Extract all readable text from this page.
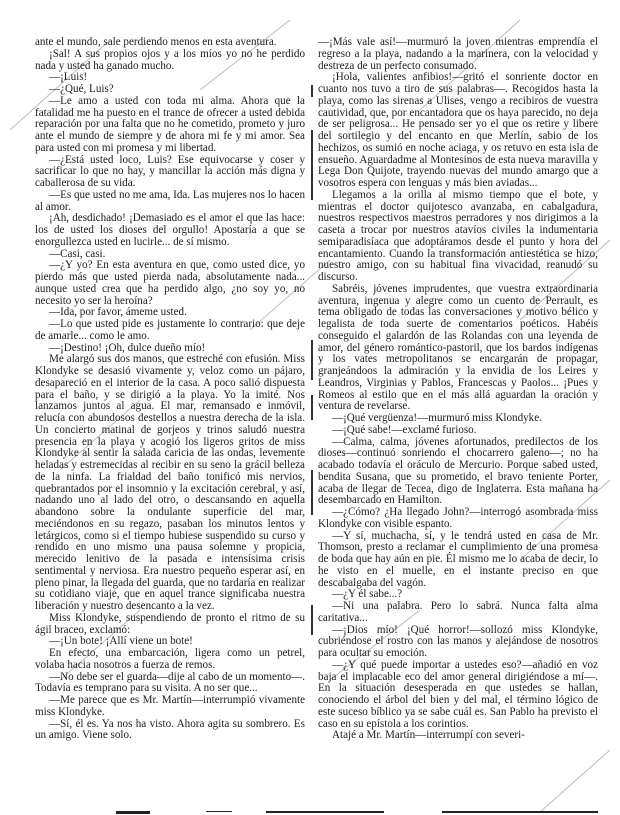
ante el mundo, sale perdiendo menos en esta aventura.

¡Sal! A sus propios ojos y a los míos yo no he perdido nada y usted ha ganado mucho.

—¡Luis!

—¿Qué, Luis?

—Le amo a usted con toda mi alma. Ahora que la fatalidad me ha puesto en el trance de ofrecer a usted debida reparación por una falta que no he cometido, prometo y juro ante el mundo de siempre y de ahora mi fe y mi amor. Sea para usted con mi promesa y mi libertad.

—¿Está usted loco, Luis? Ese equivocarse y coser y sacrificar lo que no hay, y mancillar la acción más digna y caballerosa de su vida.

—Es que usted no me ama, Ida. Las mujeres nos lo hacen al amor.

¡Ah, desdichado! ¡Demasiado es el amor el que las hace: los de usted los dioses del orgullo! Apostaría a que se enorgullezca usted en lucirle... de sí mismo.

—Casi, casi.

—¿Y yo? En esta aventura en que, como usted dice, yo pierdo más que usted pierda nada, absolutamente nada... aunque usted crea que ha perdido algo, ¿no soy yo, no necesito yo ser la heroína?

—Ida, por favor, ámeme usted.

—Lo que usted pide es justamente lo contrario: que deje de amarle... como le amo.

—¡Destino! ¡Oh, dulce dueño mío!

Me alargó sus dos manos, que estreché con efusión. Miss Klondyke se desasió vivamente y, veloz como un pájaro, desapareció en el interior de la casa. A poco salió dispuesta para el baño, y se dirigió a la playa. Yo la imité. Nos lanzamos juntos al agua. El mar, remansado e inmóvil, relucía con abundosos destellos a nuestra derecha de la isla. Un concierto matinal de gorjeos y trinos saludó nuestra presencia en la playa y acogió los ligeros gritos de miss Klondyke al sentir la salada caricia de las ondas, levemente heladas y estremecidas al recibir en su seno la grácil belleza de la ninfa. La frialdad del baño tonificó mis nervios, quebrantados por el insomnio y la excitación cerebral, y así, nadando uno al lado del otro, o descansando en aquella abandono sobre la ondulante superficie del mar, meciéndonos en su regazo, pasaban los minutos lentos y letárgicos, como si el tiempo hubiese suspendido su curso y rendido en uno mismo una pausa solemne y propicia, merecido lenitivo de la pasada e intensísima crisis sentimental y nerviosa. Era nuestro pequeño esperar así, en pleno pinar, la llegada del guarda, que no tardaría en realizar su cotidiano viaje, que en aquel trance significaba nuestra liberación y nuestro desencanto a la vez.

Miss Klondyke, suspendiendo de pronto el ritmo de su ágil braceo, exclamó:

—¡Un bote! ¡Allí viene un bote!

En efecto, una embarcación, ligera como un petrel, volaba hacia nosotros a fuerza de remos.

—No debe ser el guarda—dije al cabo de un momento—. Todavía es temprano para su visita. A no ser que...

—Me parece que es Mr. Martín—interrumpió vivamente miss Klondyke.

—Sí, él es. Ya nos ha visto. Ahora agita su sombrero. Es un amigo. Viene solo.

—¡Más vale así!—murmuró la joven mientras emprendía el regreso a la playa, nadando a la marinera, con la velocidad y destreza de un perfecto consumado.

¡Hola, valientes anfibios!—gritó el sonriente doctor en cuanto nos tuvo a tiro de sus palabras—. Recogidos hasta la playa, como las sirenas a Ulises, vengo a recibiros de vuestra cautividad, que, por encantadora que os haya parecido, no deja de ser peligrosa... He pensado ser yo el que os retire y libere del sortilegio y del encanto en que Merlín, sabio de los hechizos, os sumió en noche aciaga, y os retuvo en esta isla de ensueño. Aguardadme al Montesinos de esta nueva maravilla y Lega Don Quijote, trayendo nuevas del mundo amargo que a vosotros espera con lenguas y más bien aviadas...

Llegamos a la orilla al mismo tiempo que el bote, y mientras el doctor quijotesco avanzaba, en cabalgadura, nuestros respectivos maestros perradores y nos dirigimos a la caseta a trocar por nuestros atavíos civiles la indumentaria semiparadisíaca que adoptáramos desde el punto y hora del encantamiento. Cuando la transformación antiestética se hizo, nuestro amigo, con su habitual fina vivacidad, reanudó su discurso.

Sabréis, jóvenes imprudentes, que vuestra extraordinaria aventura, ingenua y alegre como un cuento de Perrault, es tema obligado de todas las conversaciones y motivo bélico y legalista de toda suerte de comentarios poéticos. Habéis conseguido el galardón de las Rolandas con una leyenda de amor, del género romántico-pastoril, que los bardos indígenas y los vates metropolitanos se encargarán de propagar, granjeándoos la admiración y la envidia de los Leires y Leandros, Virginias y Pablos, Francescas y Paolos... ¡Pues y Romeos al estilo que en el más allá aguardan la oración y ventura de revelarse.

—¡Qué vergüenza!—murmuró miss Klondyke.

—¡Qué sabe!—exclamé furioso.

—Calma, calma, jóvenes afortunados, predilectos de los dioses—continuó sonriendo el chocarrero galeno—; no ha acabado todavía el oráculo de Mercurio. Porque sabed usted, bendita Susana, que su prometido, el bravo teniente Porter, acaba de llegar de Tecea, digo de Inglaterra. Esta mañana ha desembarcado en Hamilton.

—¿Cómo? ¿Ha llegado John?—interrogó asombrada miss Klondyke con visible espanto.

—Y sí, muchacha, sí, y le tendrá usted en casa de Mr. Thomson, presto a reclamar el cumplimiento de una promesa de boda que hay aún en pie. Él mismo me lo acaba de decir, lo he visto en el muelle, en el instante preciso en que descabalgaba del vagón.

—¿Y él sabe...?

—Ni una palabra. Pero lo sabrá. Nunca falta alma caritativa...

—¡Dios mío! ¡Qué horror!—sollozó miss Klondyke, cubriéndose el rostro con las manos y alejándose de nosotros para ocultar su emoción.

—¿Y qué puede importar a ustedes eso?—añadió en voz baja el implacable eco del amor general dirigiéndose a mí—. En la situación desesperada en que ustedes se hallan, conociendo el árbol del bien y del mal, el término lógico de este suceso bíblico ya se sabe cuál es. San Pablo ha previsto el caso en su epístola a los corintios.

Atajé a Mr. Martín—interrumpí con severi-
